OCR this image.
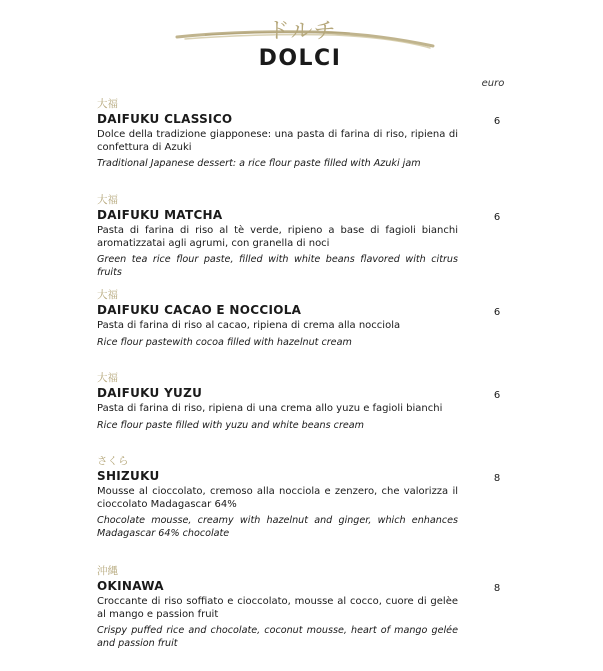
ドルチ
DOLCI
euro
大福
DAIFUKU CLASSICO	6
Dolce della tradizione giapponese: una pasta di farina di riso, ripiena di confettura di Azuki
Traditional Japanese dessert: a rice flour paste filled with Azuki jam
大福
DAIFUKU MATCHA	6
Pasta di farina di riso al tè verde, ripieno a base di fagioli bianchi aromatizzatai agli agrumi, con granella di noci
Green tea rice flour paste, filled with white beans flavored with citrus fruits
大福
DAIFUKU CACAO E NOCCIOLA	6
Pasta di farina di riso al cacao, ripiena di crema alla nocciola
Rice flour pastewith cocoa filled with hazelnut cream
大福
DAIFUKU YUZU	6
Pasta di farina di riso, ripiena di una crema allo yuzu e fagioli bianchi
Rice flour paste filled with yuzu and white beans cream
さくら
SHIZUKU	8
Mousse al cioccolato, cremoso alla nocciola e zenzero, che valorizza il cioccolato Madagascar 64%
Chocolate mousse, creamy with hazelnut and ginger, which enhances Madagascar 64% chocolate
沖縄
OKINAWA	8
Croccante di riso soffiato e cioccolato, mousse al cocco, cuore di gelèe al mango e passion fruit
Crispy puffed rice and chocolate, coconut mousse, heart of mango gelée and passion fruit
